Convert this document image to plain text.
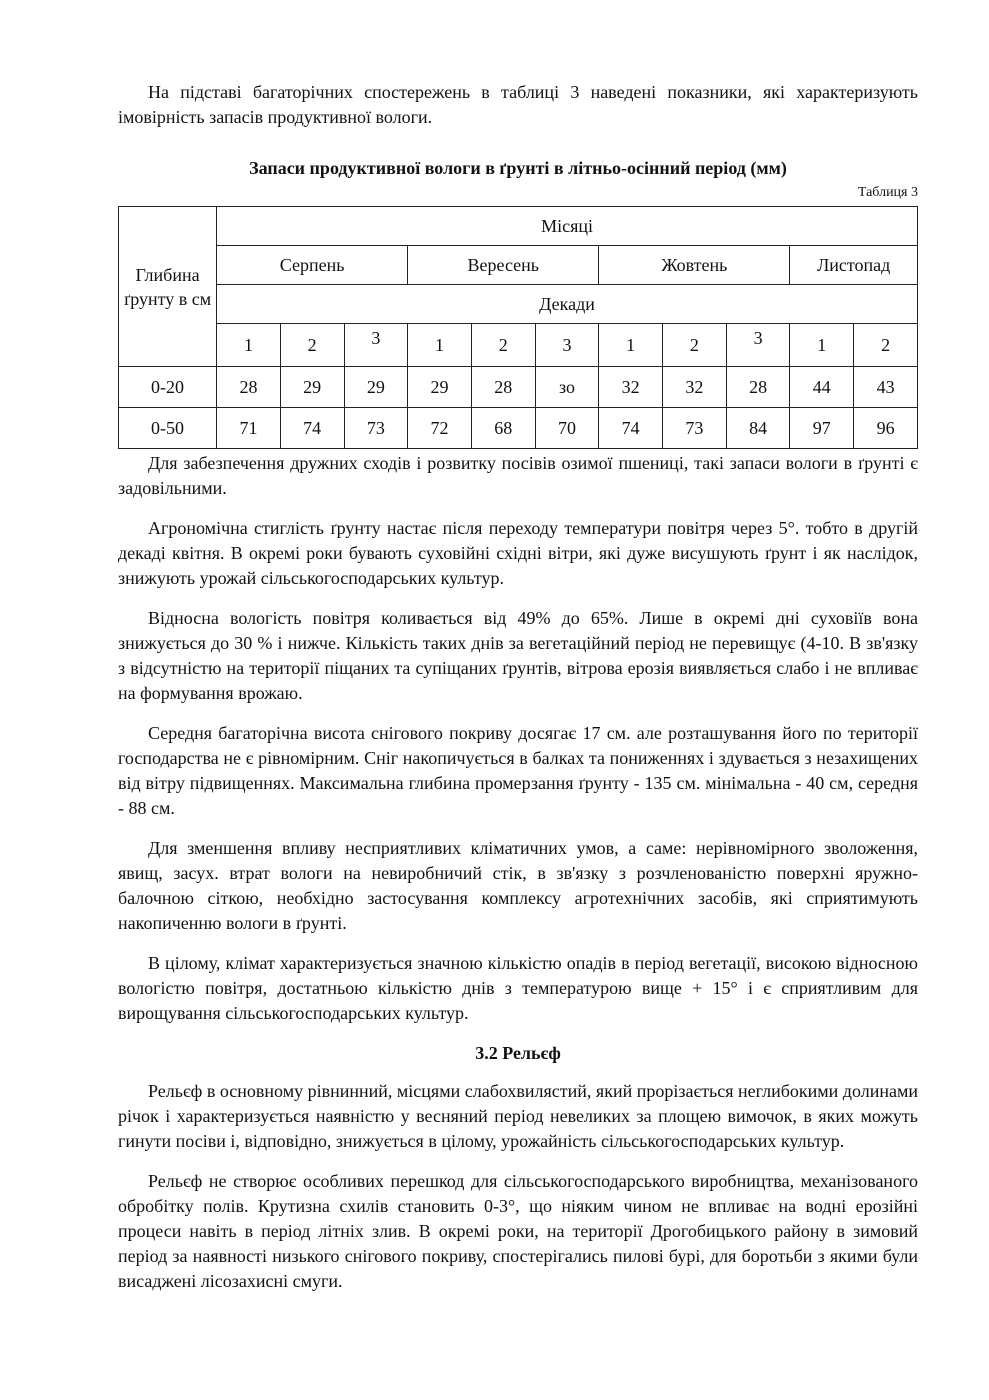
На підставі багаторічних спостережень в таблиці 3 наведені показники, які характеризують імовірність запасів продуктивної вологи.

Запаси продуктивної вологи в ґрунті в літньо-осінний період (мм)
Таблиця 3
Глибина ґрунту в см	Місяці										
	Серпень			Вересень			Жовтень			Листопад	
	Декади										
	1	2	3	1	2	3	1	2	3	1	2
0-20	28	29	29	29	28	зо	32	32	28	44	43
0-50	71	74	73	72	68	70	74	73	84	97	96

Для забезпечення дружних сходів і розвитку посівів озимої пшениці, такі запаси вологи в ґрунті є задовільними.

Агрономічна стиглість ґрунту настає після переходу температури повітря через 5°. тобто в другій декаді квітня. В окремі роки бувають суховійні східні вітри, які дуже висушують ґрунт і як наслідок, знижують урожай сільськогосподарських культур.

Відносна вологість повітря коливається від 49% до 65%. Лише в окремі дні суховіїв вона знижується до 30 % і нижче. Кількість таких днів за вегетаційний період не перевищує (4-10. В зв'язку з відсутністю на території піщаних та супіщаних ґрунтів, вітрова ерозія виявляється слабо і не впливає на формування врожаю.

Середня багаторічна висота снігового покриву досягає 17 см. але розташування його по території господарства не є рівномірним. Сніг накопичується в балках та пониженнях і здувається з незахищених від вітру підвищеннях. Максимальна глибина промерзання ґрунту - 135 см. мінімальна - 40 см, середня - 88 см.

Для зменшення впливу несприятливих кліматичних умов, а саме: нерівномірного зволоження, явищ, засух. втрат вологи на невиробничий стік, в зв'язку з розчленованістю поверхні яружно-балочною сіткою, необхідно застосування комплексу агротехнічних засобів, які сприятимують накопиченню вологи в ґрунті.

В цілому, клімат характеризується значною кількістю опадів в період вегетації, високою відносною вологістю повітря, достатньою кількістю днів з температурою вище + 15° і є сприятливим для вирощування сільськогосподарських культур.

3.2 Рельєф

Рельєф в основному рівнинний, місцями слабохвилястий, який прорізається неглибокими долинами річок і характеризується наявністю у весняний період невеликих за площею вимочок, в яких можуть гинути посіви і, відповідно, знижується в цілому, урожайність сільськогосподарських культур.

Рельєф не створює особливих перешкод для сільськогосподарського виробництва, механізованого обробітку полів. Крутизна схилів становить 0-3°, що ніяким чином не впливає на водні ерозійні процеси навіть в період літніх злив. В окремі роки, на території Дрогобицького району в зимовий період за наявності низького снігового покриву, спостерігались пилові бурі, для боротьби з якими були висаджені лісозахисні смуги.
